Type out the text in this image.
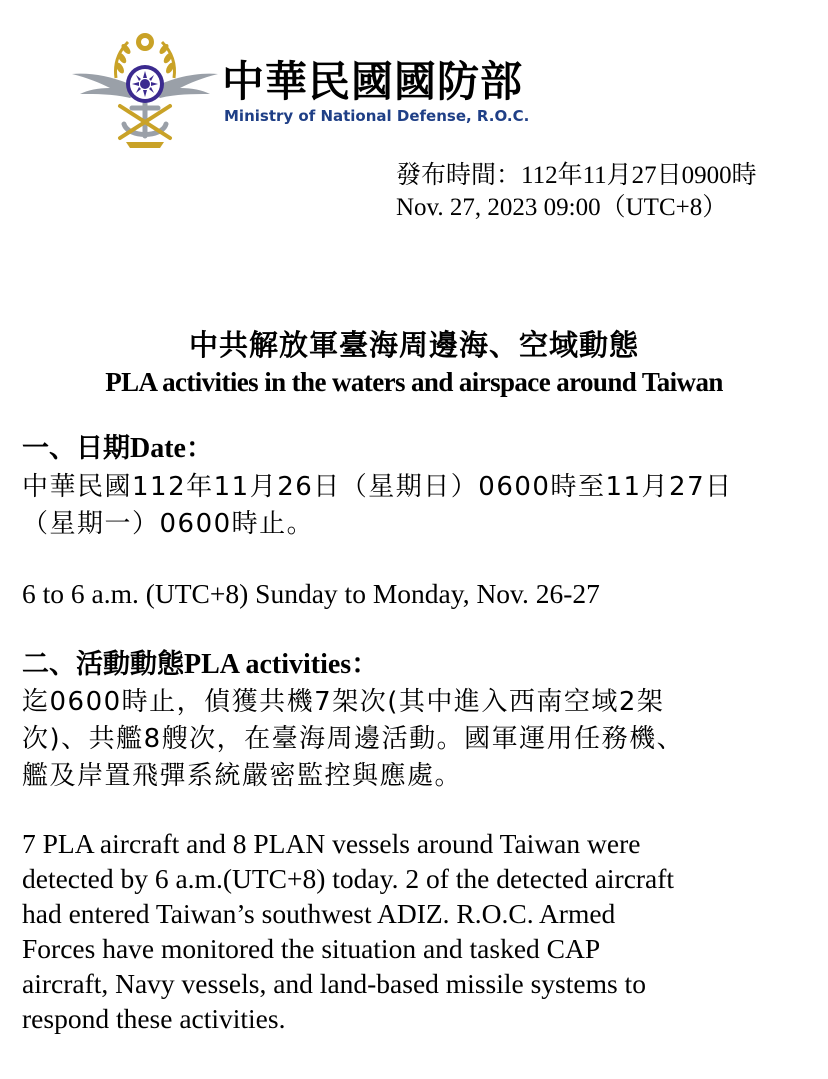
中華民國國防部
Ministry of National Defense, R.O.C.
發布時間：112年11月27日0900時
Nov. 27, 2023 09:00（UTC+8）
中共解放軍臺海周邊海、空域動態
PLA activities in the waters and airspace around Taiwan
一、日期Date：
中華民國112年11月26日（星期日）0600時至11月27日
（星期一）0600時止。
6 to 6 a.m. (UTC+8) Sunday to Monday, Nov. 26-27
二、活動動態PLA activities：
迄0600時止，偵獲共機7架次(其中進入西南空域2架
次)、共艦8艘次，在臺海周邊活動。國軍運用任務機、
艦及岸置飛彈系統嚴密監控與應處。
7 PLA aircraft and 8 PLAN vessels around Taiwan were
detected by 6 a.m.(UTC+8) today. 2 of the detected aircraft
had entered Taiwan’s southwest ADIZ. R.O.C. Armed
Forces have monitored the situation and tasked CAP
aircraft, Navy vessels, and land-based missile systems to
respond these activities.
